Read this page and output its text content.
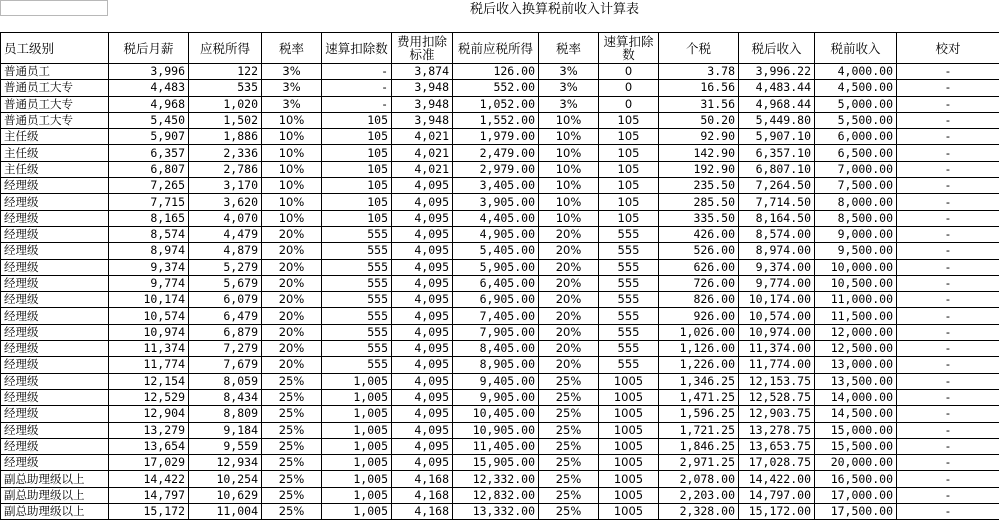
税后收入换算税前收入计算表
员工级别	税后月薪	应税所得	税率	速算扣除数	费用扣除标准	税前应税所得	税率	速算扣除数	个税	税后收入	税前收入	校对
普通员工	3,996	122	3%	-	3,874	126.00	3%	0	3.78	3,996.22	4,000.00	-
普通员工大专	4,483	535	3%	-	3,948	552.00	3%	0	16.56	4,483.44	4,500.00	-
普通员工大专	4,968	1,020	3%	-	3,948	1,052.00	3%	0	31.56	4,968.44	5,000.00	-
普通员工大专	5,450	1,502	10%	105	3,948	1,552.00	10%	105	50.20	5,449.80	5,500.00	-
主任级	5,907	1,886	10%	105	4,021	1,979.00	10%	105	92.90	5,907.10	6,000.00	-
主任级	6,357	2,336	10%	105	4,021	2,479.00	10%	105	142.90	6,357.10	6,500.00	-
主任级	6,807	2,786	10%	105	4,021	2,979.00	10%	105	192.90	6,807.10	7,000.00	-
经理级	7,265	3,170	10%	105	4,095	3,405.00	10%	105	235.50	7,264.50	7,500.00	-
经理级	7,715	3,620	10%	105	4,095	3,905.00	10%	105	285.50	7,714.50	8,000.00	-
经理级	8,165	4,070	10%	105	4,095	4,405.00	10%	105	335.50	8,164.50	8,500.00	-
经理级	8,574	4,479	20%	555	4,095	4,905.00	20%	555	426.00	8,574.00	9,000.00	-
经理级	8,974	4,879	20%	555	4,095	5,405.00	20%	555	526.00	8,974.00	9,500.00	-
经理级	9,374	5,279	20%	555	4,095	5,905.00	20%	555	626.00	9,374.00	10,000.00	-
经理级	9,774	5,679	20%	555	4,095	6,405.00	20%	555	726.00	9,774.00	10,500.00	-
经理级	10,174	6,079	20%	555	4,095	6,905.00	20%	555	826.00	10,174.00	11,000.00	-
经理级	10,574	6,479	20%	555	4,095	7,405.00	20%	555	926.00	10,574.00	11,500.00	-
经理级	10,974	6,879	20%	555	4,095	7,905.00	20%	555	1,026.00	10,974.00	12,000.00	-
经理级	11,374	7,279	20%	555	4,095	8,405.00	20%	555	1,126.00	11,374.00	12,500.00	-
经理级	11,774	7,679	20%	555	4,095	8,905.00	20%	555	1,226.00	11,774.00	13,000.00	-
经理级	12,154	8,059	25%	1,005	4,095	9,405.00	25%	1005	1,346.25	12,153.75	13,500.00	-
经理级	12,529	8,434	25%	1,005	4,095	9,905.00	25%	1005	1,471.25	12,528.75	14,000.00	-
经理级	12,904	8,809	25%	1,005	4,095	10,405.00	25%	1005	1,596.25	12,903.75	14,500.00	-
经理级	13,279	9,184	25%	1,005	4,095	10,905.00	25%	1005	1,721.25	13,278.75	15,000.00	-
经理级	13,654	9,559	25%	1,005	4,095	11,405.00	25%	1005	1,846.25	13,653.75	15,500.00	-
经理级	17,029	12,934	25%	1,005	4,095	15,905.00	25%	1005	2,971.25	17,028.75	20,000.00	-
副总助理级以上	14,422	10,254	25%	1,005	4,168	12,332.00	25%	1005	2,078.00	14,422.00	16,500.00	-
副总助理级以上	14,797	10,629	25%	1,005	4,168	12,832.00	25%	1005	2,203.00	14,797.00	17,000.00	-
副总助理级以上	15,172	11,004	25%	1,005	4,168	13,332.00	25%	1005	2,328.00	15,172.00	17,500.00	-
